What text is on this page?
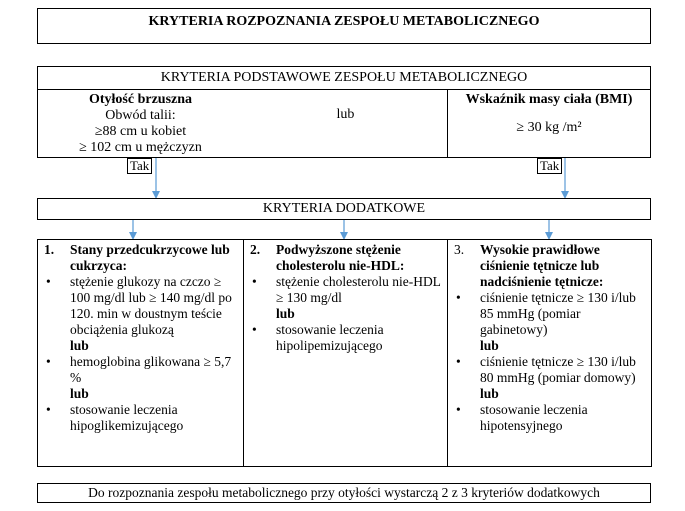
KRYTERIA ROZPOZNANIA ZESPOŁU METABOLICZNEGO
KRYTERIA PODSTAWOWE ZESPOŁU METABOLICZNEGO
Otyłość brzuszna
Obwód talii:
≥88 cm u kobiet
≥ 102 cm u mężczyzn
lub
Wskaźnik masy ciała (BMI)
≥ 30 kg /m²
Tak	Tak
KRYTERIA DODATKOWE
1.	Stany przedcukrzycowe lub cukrzyca:
• stężenie glukozy na czczo ≥ 100 mg/dl lub ≥ 140 mg/dl po 120. min w doustnym teście obciążenia glukozą
lub
• hemoglobina glikowana ≥ 5,7 %
lub
• stosowanie leczenia hipoglikemizującego
2.	Podwyższone stężenie cholesterolu nie-HDL:
• stężenie cholesterolu nie-HDL ≥ 130 mg/dl
lub
• stosowanie leczenia hipolipemizującego
3.	Wysokie prawidłowe ciśnienie tętnicze lub nadciśnienie tętnicze:
• ciśnienie tętnicze ≥ 130 i/lub 85 mmHg (pomiar gabinetowy)
lub
• ciśnienie tętnicze ≥ 130 i/lub 80 mmHg (pomiar domowy)
lub
• stosowanie leczenia hipotensyjnego
Do rozpoznania zespołu metabolicznego przy otyłości wystarczą 2 z 3 kryteriów dodatkowych
